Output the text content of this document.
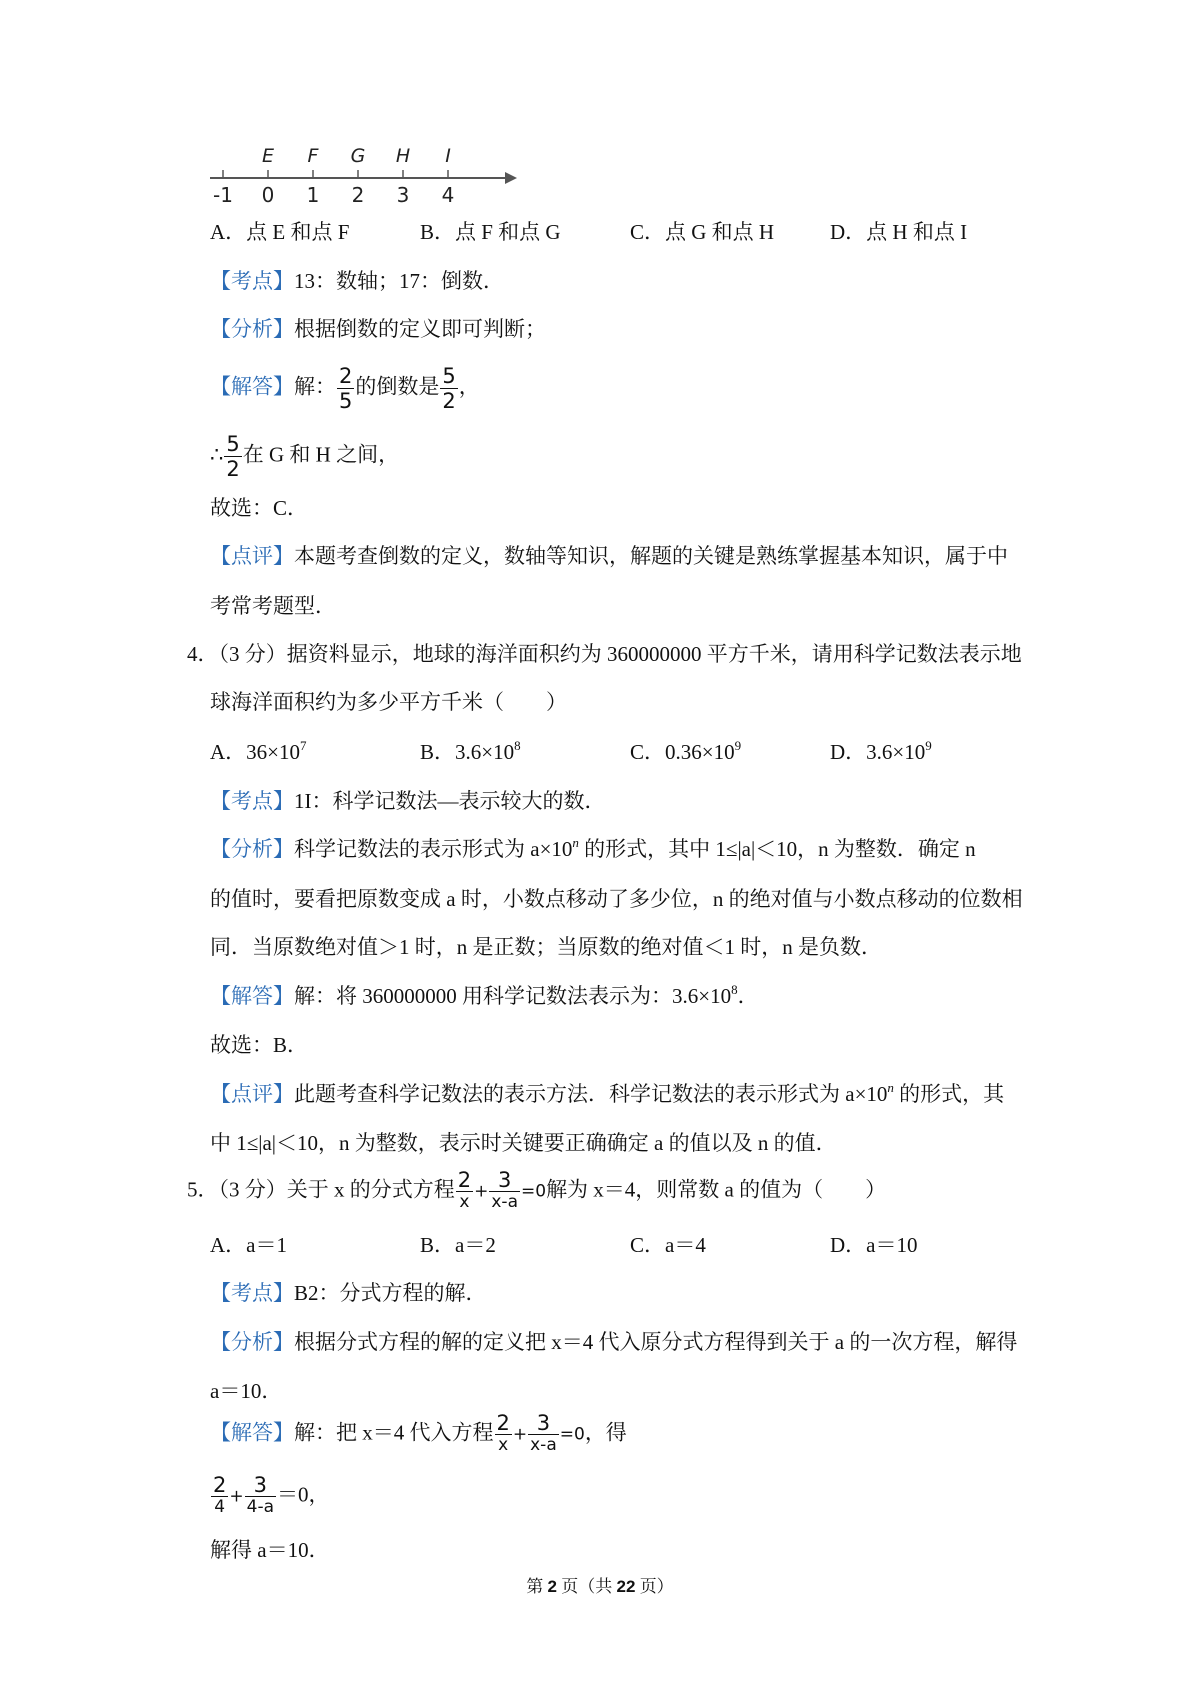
E F G H I
-1 0 1 2 3 4
A．点 E 和点 F	B．点 F 和点 G	C．点 G 和点 H	D．点 H 和点 I
【考点】13：数轴；17：倒数．
【分析】根据倒数的定义即可判断；
【解答】解： $\frac{2}{5}$ 的倒数是 $\frac{5}{2}$ ，
∴ $\frac{5}{2}$ 在 G 和 H 之间，
故选：C．
【点评】本题考查倒数的定义，数轴等知识，解题的关键是熟练掌握基本知识，属于中
考常考题型．
4．（3 分）据资料显示，地球的海洋面积约为 360000000 平方千米，请用科学记数法表示地
球海洋面积约为多少平方千米（　　）
A．$36\times 10^7$	B．$3.6\times 10^8$	C．$0.36\times 10^9$	D．$3.6\times 10^9$
【考点】1I：科学记数法—表示较大的数．
【分析】科学记数法的表示形式为 $a\times 10^n$ 的形式，其中 1≤|a|＜10，n 为整数．确定 n
的值时，要看把原数变成 a 时，小数点移动了多少位，n 的绝对值与小数点移动的位数相
同．当原数绝对值＞1 时，n 是正数；当原数的绝对值＜1 时，n 是负数．
【解答】解：将 360000000 用科学记数法表示为：$3.6\times 10^8$．
故选：B．
【点评】此题考查科学记数法的表示方法．科学记数法的表示形式为 $a\times 10^n$ 的形式，其
中 1≤|a|＜10，n 为整数，表示时关键要正确确定 a 的值以及 n 的值．
5．（3 分）关于 x 的分式方程 $\frac{2}{x} + \frac{3}{x-a} =0$解为 x＝4，则常数 a 的值为（　　）
A．a＝1	B．a＝2	C．a＝4	D．a＝10
【考点】B2：分式方程的解．
【分析】根据分式方程的解的定义把 x＝4 代入原分式方程得到关于 a 的一次方程，解得
a＝10．
【解答】解：把 x＝4 代入方程 $\frac{2}{x} + \frac{3}{x-a} =0$，得
$\frac{2}{4} + \frac{3}{4-a} =0$，
解得 a＝10．
第 2 页（共 22 页）
